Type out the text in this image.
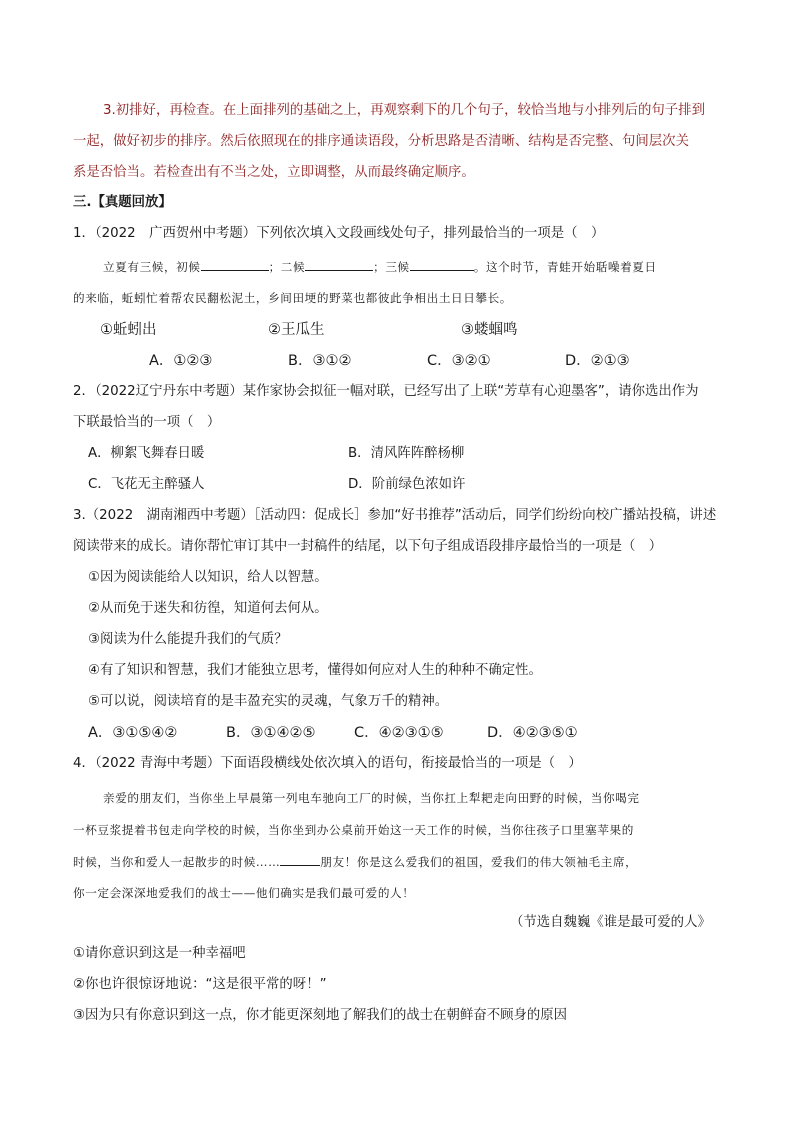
3.初排好，再检查。在上面排列的基础之上，再观察剩下的几个句子，较恰当地与小排列后的句子排到
一起，做好初步的排序。然后依照现在的排序通读语段，分析思路是否清晰、结构是否完整、句间层次关
系是否恰当。若检查出有不当之处，立即调整，从而最终确定顺序。
三.【真题回放】
1．（2022　广西贺州中考题）下列依次填入文段画线处句子，排列最恰当的一项是（　）
立夏有三候，初候	；二候	；三候	。这个时节，青蛙开始聒噪着夏日
的来临，蚯蚓忙着帮农民翻松泥土，乡间田埂的野菜也都彼此争相出土日日攀长。
①蚯蚓出	②王瓜生	③蝼蝈鸣
A．①②③	B．③①②	C．③②①	D．②①③
2．（2022辽宁丹东中考题）某作家协会拟征一幅对联，已经写出了上联“芳草有心迎墨客”，请你选出作为
下联最恰当的一项（　）
A．柳絮飞舞春日暖	B．清风阵阵醉杨柳
C．飞花无主醉骚人	D．阶前绿色浓如许
3.（2022　湖南湘西中考题）［活动四：促成长］参加“好书推荐”活动后，同学们纷纷向校广播站投稿，讲述
阅读带来的成长。请你帮忙审订其中一封稿件的结尾，以下句子组成语段排序最恰当的一项是（　）
①因为阅读能给人以知识，给人以智慧。
②从而免于迷失和彷徨，知道何去何从。
③阅读为什么能提升我们的气质？
④有了知识和智慧，我们才能独立思考，懂得如何应对人生的种种不确定性。
⑤可以说，阅读培育的是丰盈充实的灵魂，气象万千的精神。
A．③①⑤④②	B．③①④②⑤	C．④②③①⑤	D．④②③⑤①
4．（2022 青海中考题）下面语段横线处依次填入的语句，衔接最恰当的一项是（　）
亲爱的朋友们，当你坐上早晨第一列电车驰向工厂的时候，当你扛上犁耙走向田野的时候，当你喝完
一杯豆浆提着书包走向学校的时候，当你坐到办公桌前开始这一天工作的时候，当你往孩子口里塞苹果的
时候，当你和爱人一起散步的时候……	朋友！你是这么爱我们的祖国，爱我们的伟大领袖毛主席，
你一定会深深地爱我们的战士——他们确实是我们最可爱的人！
（节选自魏巍《谁是最可爱的人》
①请你意识到这是一种幸福吧
②你也许很惊讶地说：“这是很平常的呀！”
③因为只有你意识到这一点，你才能更深刻地了解我们的战士在朝鲜奋不顾身的原因
